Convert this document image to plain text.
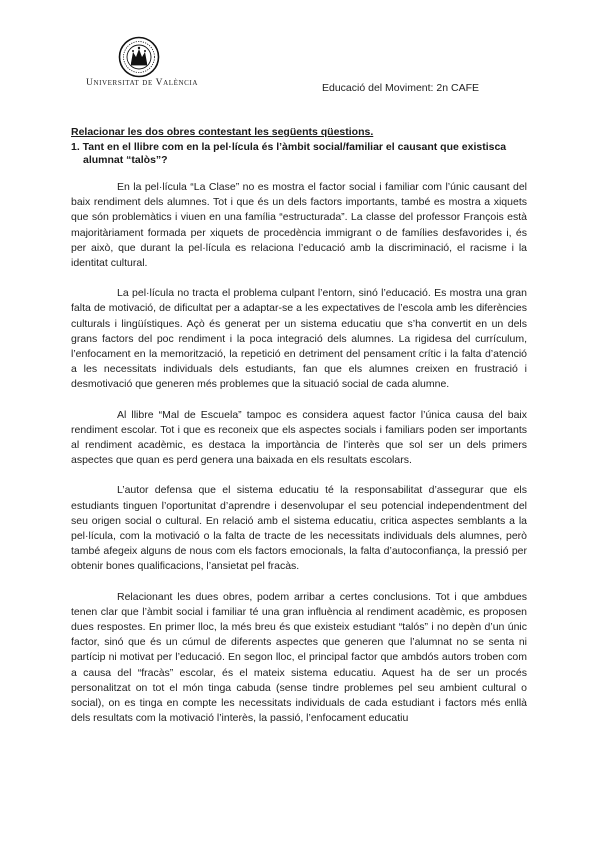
Universitat de València	Educació del Moviment: 2n CAFE
Relacionar les dos obres contestant les següents qüestions.
1. Tant en el llibre com en la pel·lícula és l’àmbit social/familiar el causant que existisca alumnat “talòs”?

En la pel·lícula “La Clase” no es mostra el factor social i familiar com l’únic causant del baix rendiment dels alumnes. Tot i que és un dels factors importants, també es mostra a xiquets que són problemàtics i viuen en una família “estructurada”. La classe del professor François està majoritàriament formada per xiquets de procedència immigrant o de famílies desfavorides i, és per això, que durant la pel·lícula es relaciona l’educació amb la discriminació, el racisme i la identitat cultural.

La pel·lícula no tracta el problema culpant l’entorn, sinó l’educació. Es mostra una gran falta de motivació, de dificultat per a adaptar-se a les expectatives de l’escola amb les diferències culturals i lingüístiques. Açò és generat per un sistema educatiu que s’ha convertit en un dels grans factors del poc rendiment i la poca integració dels alumnes. La rigidesa del currículum, l’enfocament en la memorització, la repetició en detriment del pensament crític i la falta d’atenció a les necessitats individuals dels estudiants, fan que els alumnes creixen en frustració i desmotivació que generen més problemes que la situació social de cada alumne.

Al llibre “Mal de Escuela” tampoc es considera aquest factor l’única causa del baix rendiment escolar. Tot i que es reconeix que els aspectes socials i familiars poden ser importants al rendiment acadèmic, es destaca la importància de l’interès que sol ser un dels primers aspectes que quan es perd genera una baixada en els resultats escolars.

L’autor defensa que el sistema educatiu té la responsabilitat d’assegurar que els estudiants tinguen l’oportunitat d’aprendre i desenvolupar el seu potencial independentment del seu origen social o cultural. En relació amb el sistema educatiu, critica aspectes semblants a la pel·lícula, com la motivació o la falta de tracte de les necessitats individuals dels alumnes, però també afegeix alguns de nous com els factors emocionals, la falta d’autoconfiança, la pressió per obtenir bones qualificacions, l’ansietat pel fracàs.

Relacionant les dues obres, podem arribar a certes conclusions. Tot i que ambdues tenen clar que l’àmbit social i familiar té una gran influència al rendiment acadèmic, es proposen dues respostes. En primer lloc, la més breu és que existeix estudiant “talós” i no depèn d’un únic factor, sinó que és un cúmul de diferents aspectes que generen que l’alumnat no se senta ni partícip ni motivat per l’educació. En segon lloc, el principal factor que ambdós autors troben com a causa del “fracàs” escolar, és el mateix sistema educatiu. Aquest ha de ser un procés personalitzat on tot el món tinga cabuda (sense tindre problemes pel seu ambient cultural o social), on es tinga en compte les necessitats individuals de cada estudiant i factors més enllà dels resultats com la motivació l’interès, la passió, l’enfocament educatiu
